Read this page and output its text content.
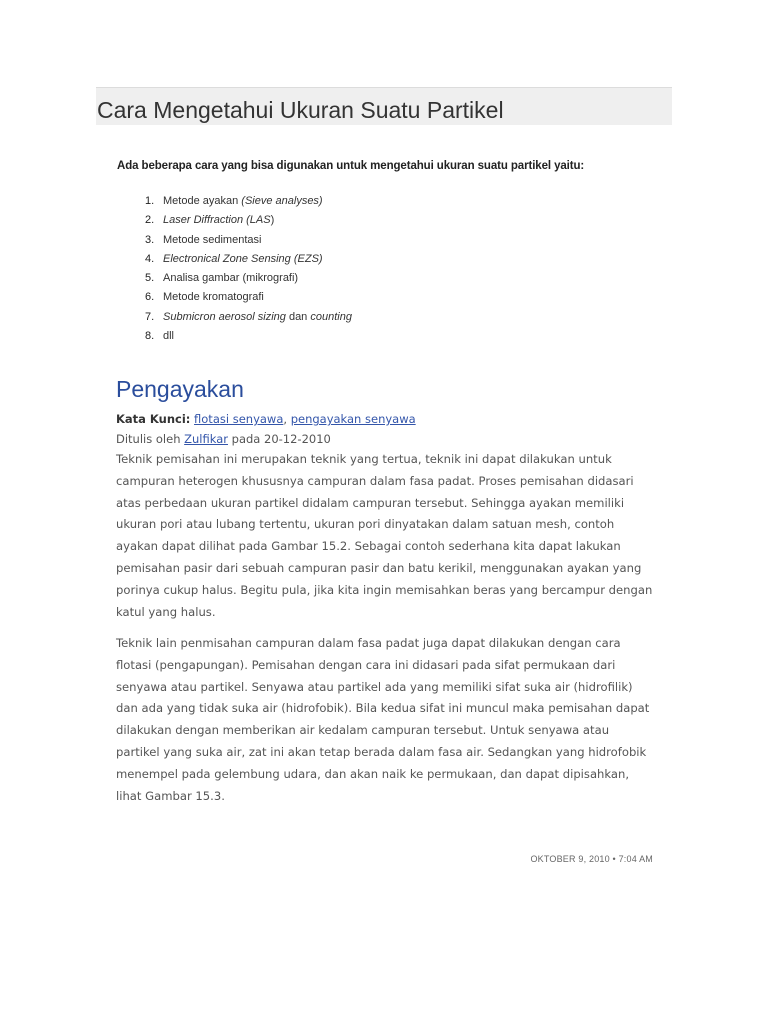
Cara Mengetahui Ukuran Suatu Partikel

Ada beberapa cara yang bisa digunakan untuk mengetahui ukuran suatu partikel yaitu:

1. Metode ayakan (Sieve analyses)
2. Laser Diffraction (LAS)
3. Metode sedimentasi
4. Electronical Zone Sensing (EZS)
5. Analisa gambar (mikrografi)
6. Metode kromatografi
7. Submicron aerosol sizing dan counting
8. dll
Pengayakan
Kata Kunci: flotasi senyawa, pengayakan senyawa
Ditulis oleh Zulfikar pada 20-12-2010

Teknik pemisahan ini merupakan teknik yang tertua, teknik ini dapat dilakukan untuk campuran heterogen khususnya campuran dalam fasa padat. Proses pemisahan didasari atas perbedaan ukuran partikel didalam campuran tersebut. Sehingga ayakan memiliki ukuran pori atau lubang tertentu, ukuran pori dinyatakan dalam satuan mesh, contoh ayakan dapat dilihat pada Gambar 15.2. Sebagai contoh sederhana kita dapat lakukan pemisahan pasir dari sebuah campuran pasir dan batu kerikil, menggunakan ayakan yang porinya cukup halus. Begitu pula, jika kita ingin memisahkan beras yang bercampur dengan katul yang halus.

Teknik lain penmisahan campuran dalam fasa padat juga dapat dilakukan dengan cara flotasi (pengapungan). Pemisahan dengan cara ini didasari pada sifat permukaan dari senyawa atau partikel. Senyawa atau partikel ada yang memiliki sifat suka air (hidrofilik) dan ada yang tidak suka air (hidrofobik). Bila kedua sifat ini muncul maka pemisahan dapat dilakukan dengan memberikan air kedalam campuran tersebut. Untuk senyawa atau partikel yang suka air, zat ini akan tetap berada dalam fasa air. Sedangkan yang hidrofobik menempel pada gelembung udara, dan akan naik ke permukaan, dan dapat dipisahkan, lihat Gambar 15.3.

OKTOBER 9, 2010 • 7:04 AM
